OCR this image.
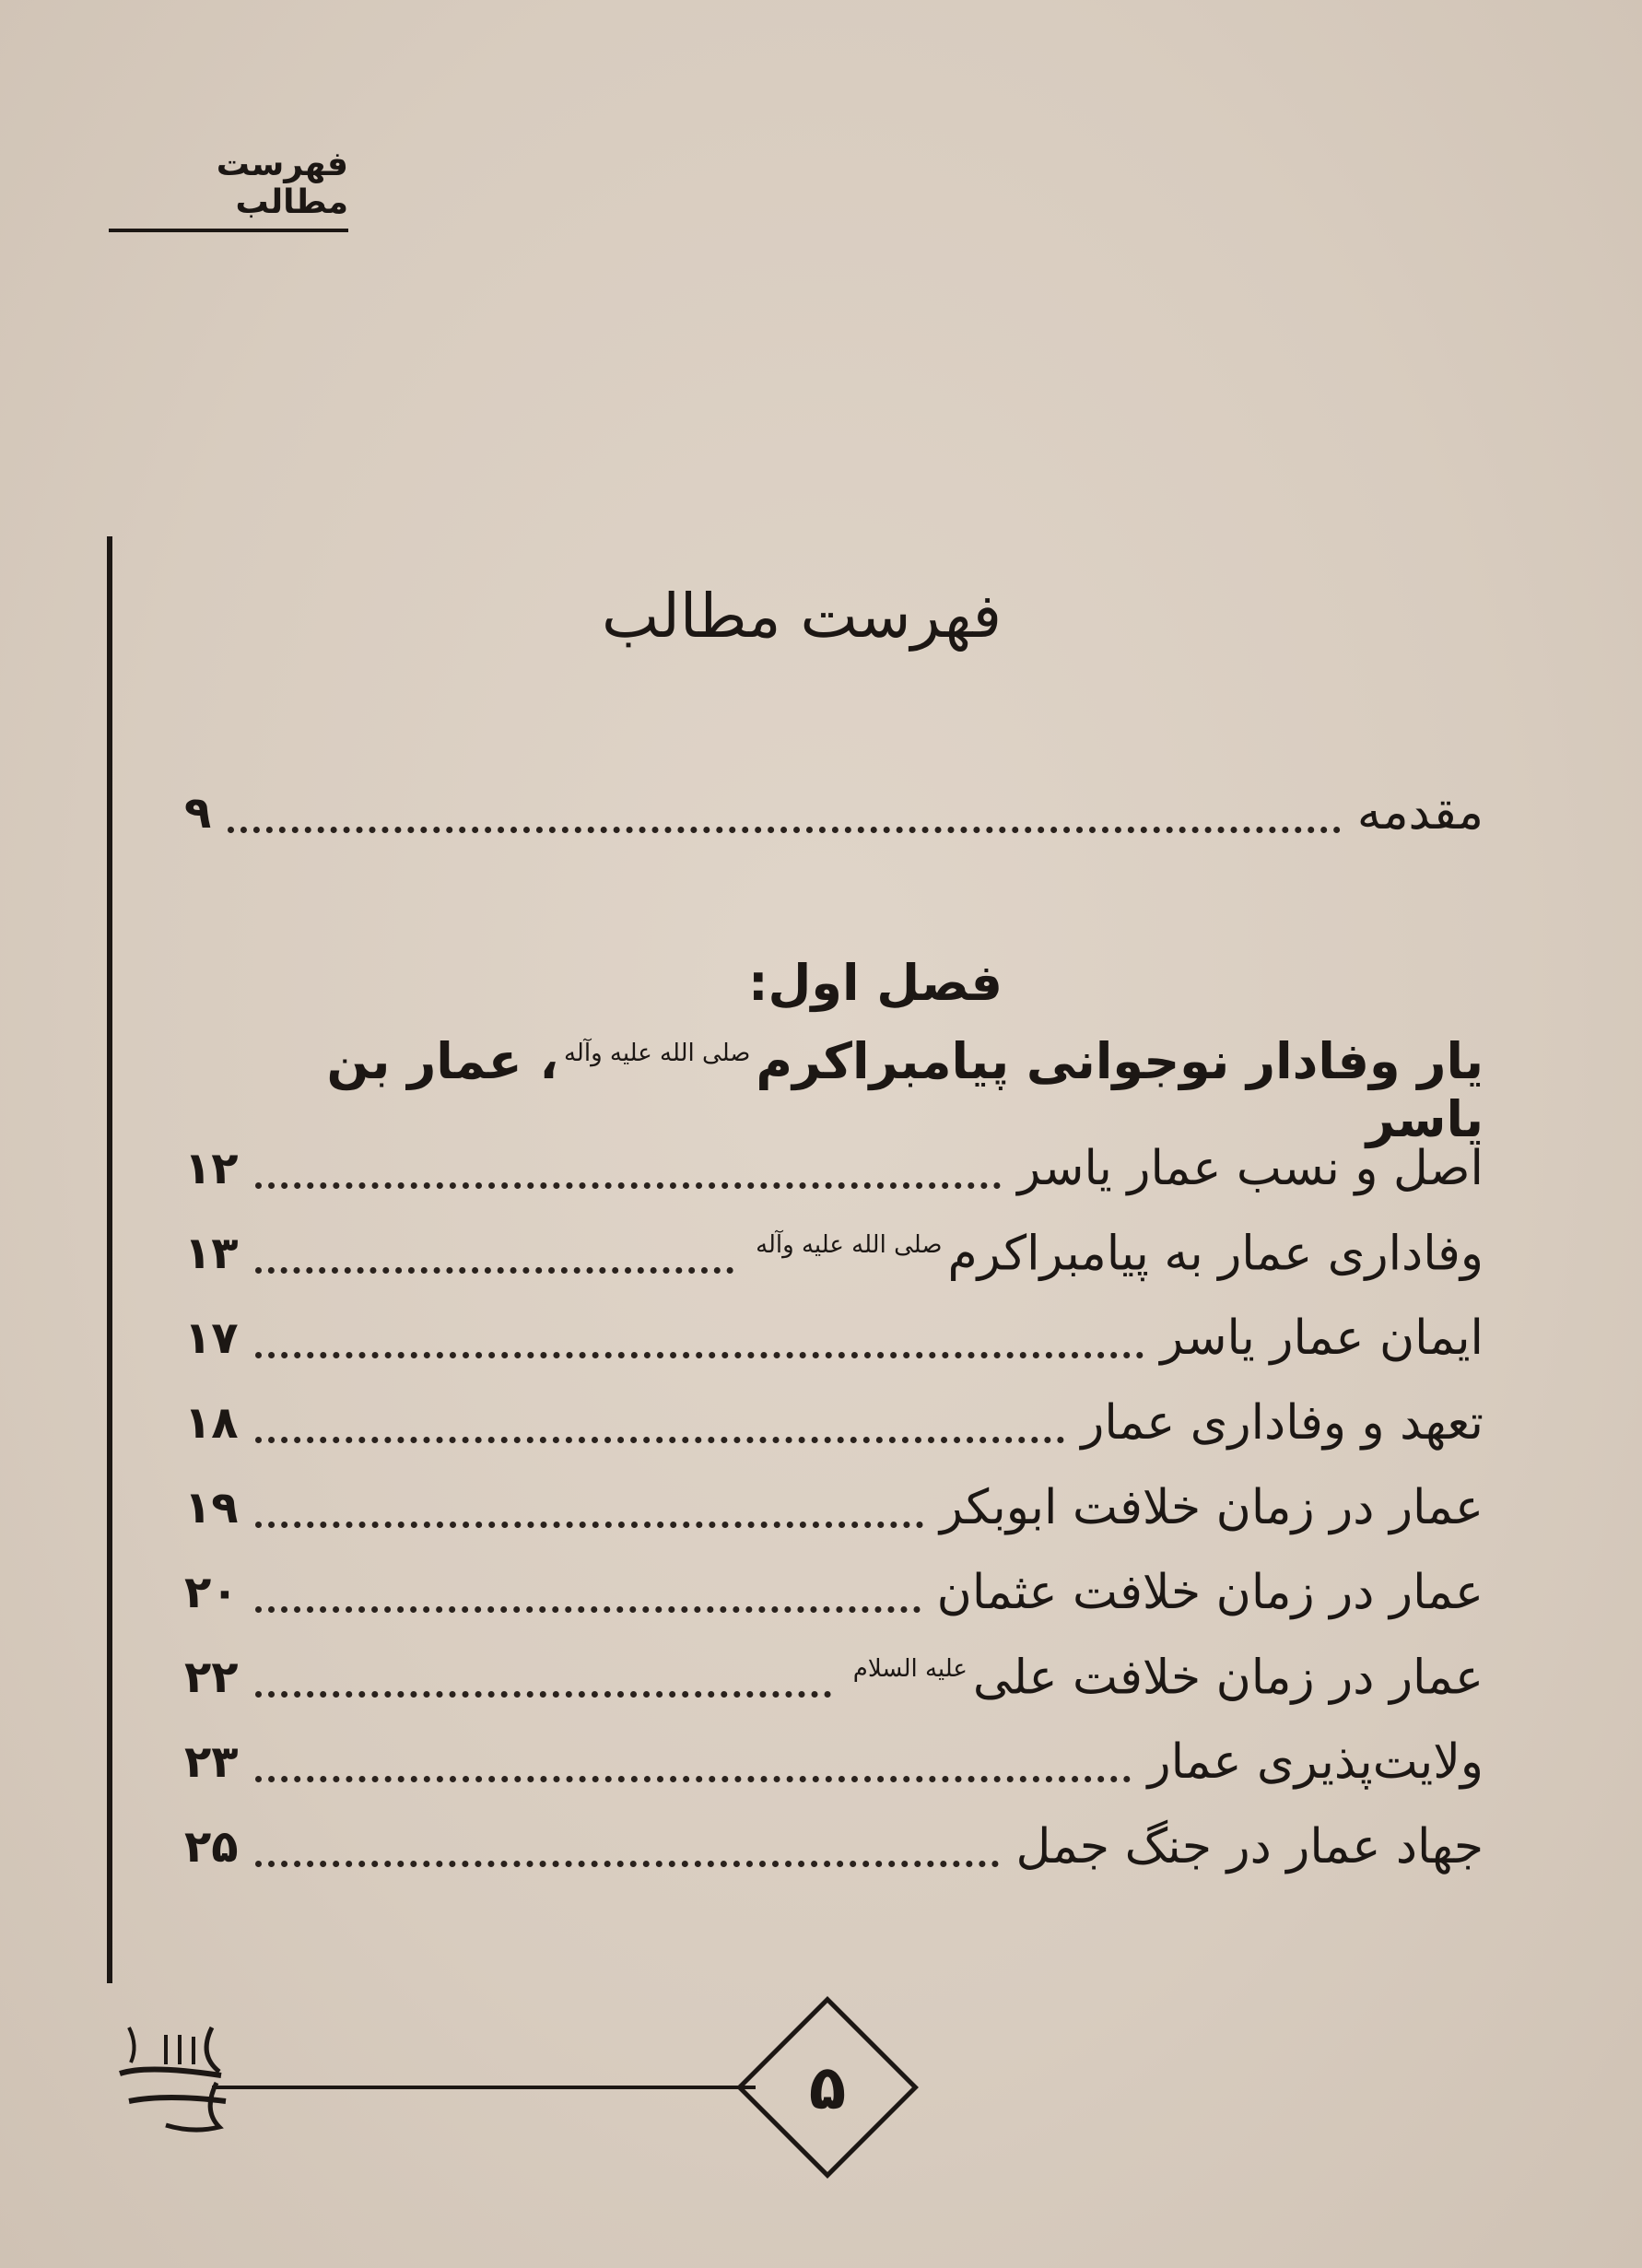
فهرست مطالب
فهرست مطالب
مقدمه
۹
فصل اول:
یار وفادار نوجوانی پیامبراکرمصلی الله علیه وآله، عمار بن یاسر
اصل و نسب عمار یاسر
۱۲
وفاداری عمار به پیامبراکرمصلی الله علیه وآله
۱۳
ایمان عمار یاسر
۱۷
تعهد و وفاداری عمار
۱۸
عمار در زمان خلافت ابوبکر
۱۹
عمار در زمان خلافت عثمان
۲۰
عمار در زمان خلافت علیعلیه السلام
۲۲
ولایت‌پذیری عمار
۲۳
جهاد عمار در جنگ جمل
۲۵
۵
